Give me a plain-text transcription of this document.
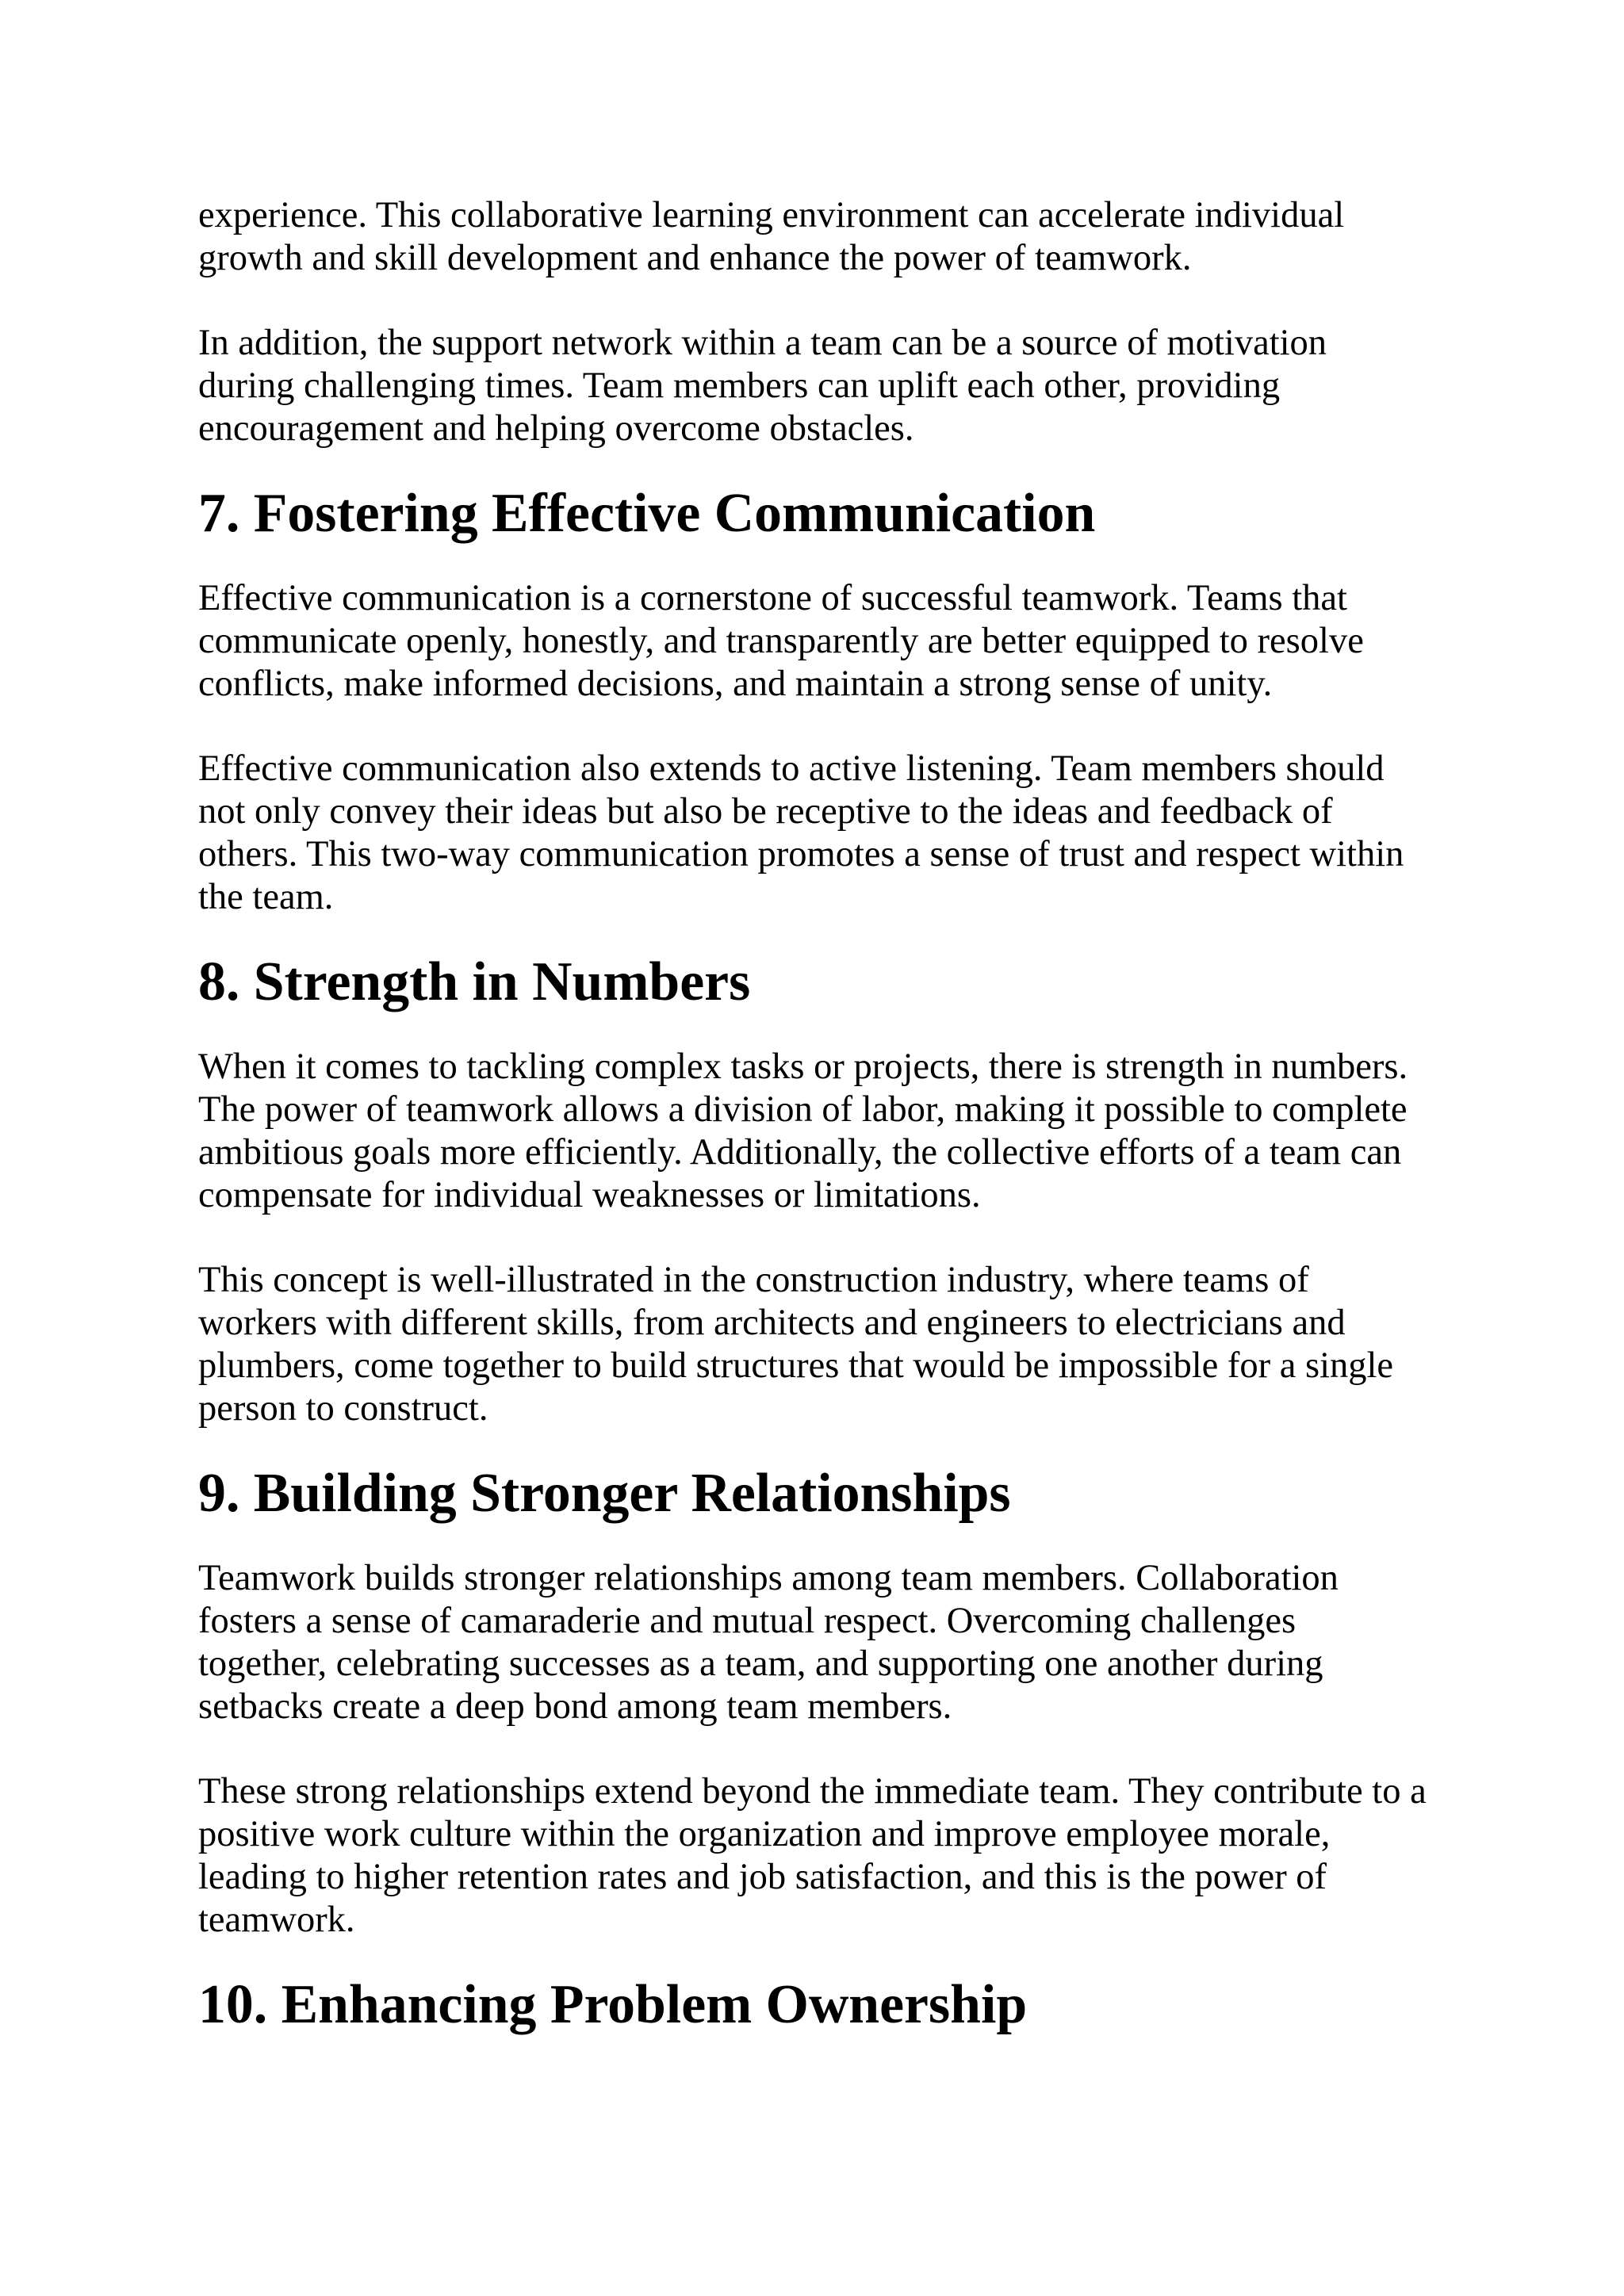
experience. This collaborative learning environment can accelerate individual
growth and skill development and enhance the power of teamwork.

In addition, the support network within a team can be a source of motivation
during challenging times. Team members can uplift each other, providing
encouragement and helping overcome obstacles.

7. Fostering Effective Communication

Effective communication is a cornerstone of successful teamwork. Teams that
communicate openly, honestly, and transparently are better equipped to resolve
conflicts, make informed decisions, and maintain a strong sense of unity.

Effective communication also extends to active listening. Team members should
not only convey their ideas but also be receptive to the ideas and feedback of
others. This two-way communication promotes a sense of trust and respect within
the team.

8. Strength in Numbers

When it comes to tackling complex tasks or projects, there is strength in numbers.
The power of teamwork allows a division of labor, making it possible to complete
ambitious goals more efficiently. Additionally, the collective efforts of a team can
compensate for individual weaknesses or limitations.

This concept is well-illustrated in the construction industry, where teams of
workers with different skills, from architects and engineers to electricians and
plumbers, come together to build structures that would be impossible for a single
person to construct.

9. Building Stronger Relationships

Teamwork builds stronger relationships among team members. Collaboration
fosters a sense of camaraderie and mutual respect. Overcoming challenges
together, celebrating successes as a team, and supporting one another during
setbacks create a deep bond among team members.

These strong relationships extend beyond the immediate team. They contribute to a
positive work culture within the organization and improve employee morale,
leading to higher retention rates and job satisfaction, and this is the power of
teamwork.

10. Enhancing Problem Ownership
